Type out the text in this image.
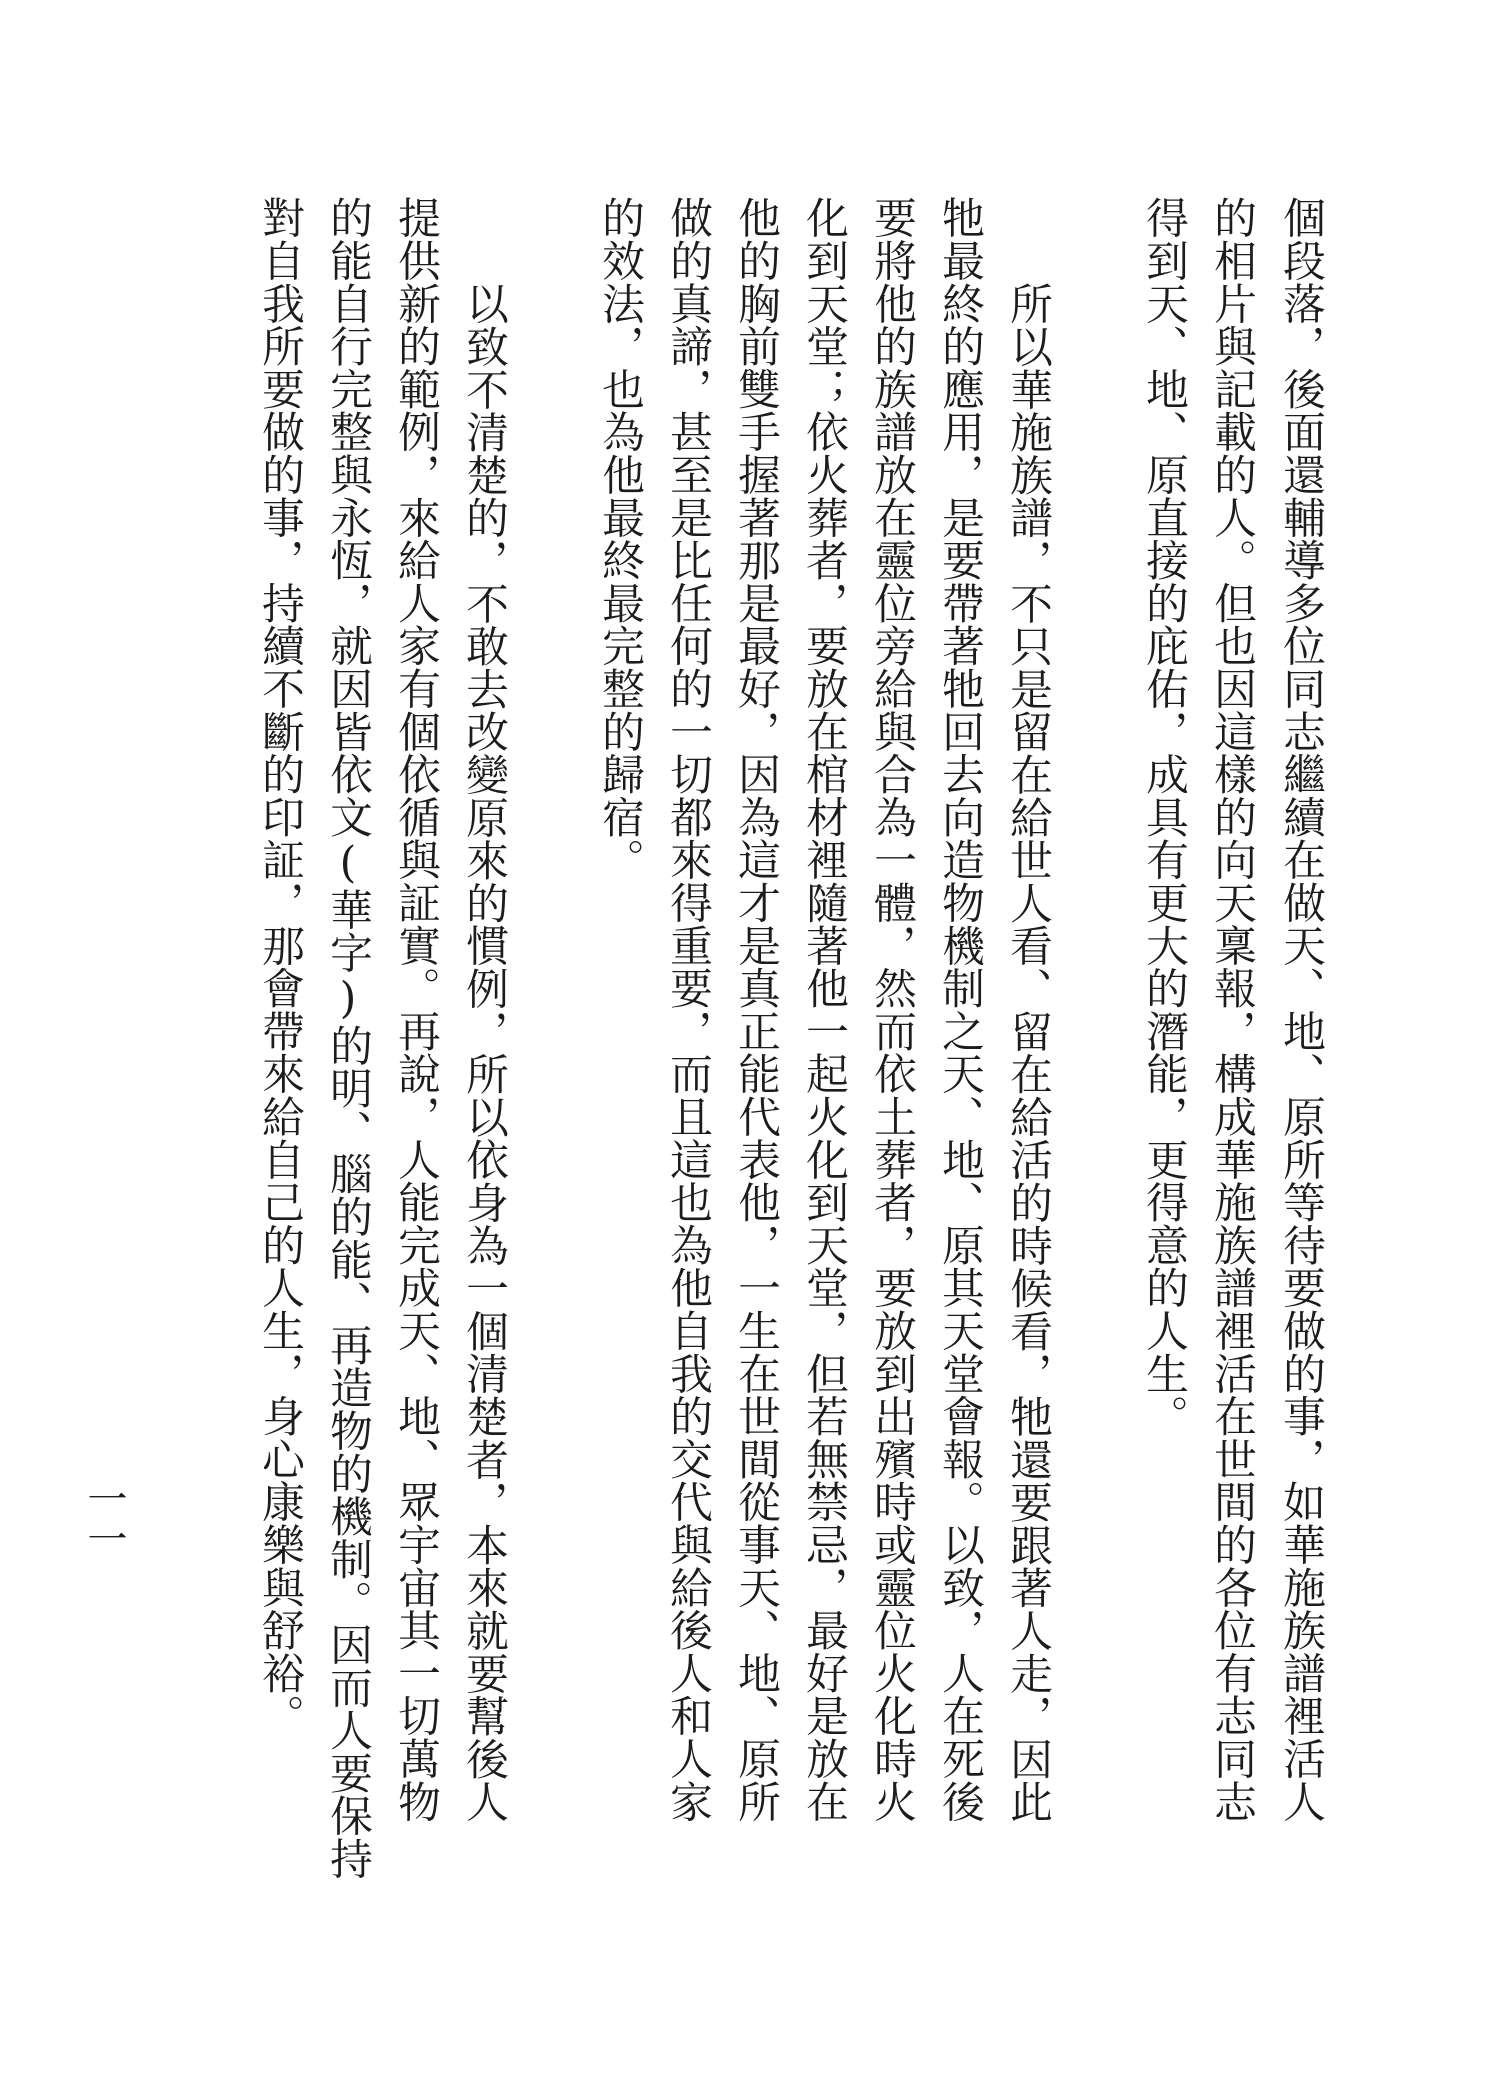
個段落，後面還輔導多位同志繼續在做天、地、原所等待要做的事，如華施族譜裡活人

的相片與記載的人。但也因這樣的向天稟報，構成華施族譜裡活在世間的各位有志同志

得到天、地、原直接的庇佑，成具有更大的潛能，更得意的人生。

所以華施族譜，不只是留在給世人看、留在給活的時候看，牠還要跟著人走，因此

牠最終的應用，是要帶著牠回去向造物機制之天、地、原其天堂會報。以致，人在死後

要將他的族譜放在靈位旁給與合為一體，然而依土葬者，要放到出殯時或靈位火化時火

化到天堂；依火葬者，要放在棺材裡隨著他一起火化到天堂，但若無禁忌，最好是放在

他的胸前雙手握著那是最好，因為這才是真正能代表他，一生在世間從事天、地、原所

做的真諦，甚至是比任何的一切都來得重要，而且這也為他自我的交代與給後人和人家

的效法，也為他最終最完整的歸宿。

以致不清楚的，不敢去改變原來的慣例，所以依身為一個清楚者，本來就要幫後人

提供新的範例，來給人家有個依循與証實。再說，人能完成天、地、眾宇宙其一切萬物

的能自行完整與永恆，就因皆依文(華字)的明、腦的能、再造物的機制。因而人要保持

對自我所要做的事，持續不斷的印証，那會帶來給自己的人生，身心康樂與舒裕。

一一
